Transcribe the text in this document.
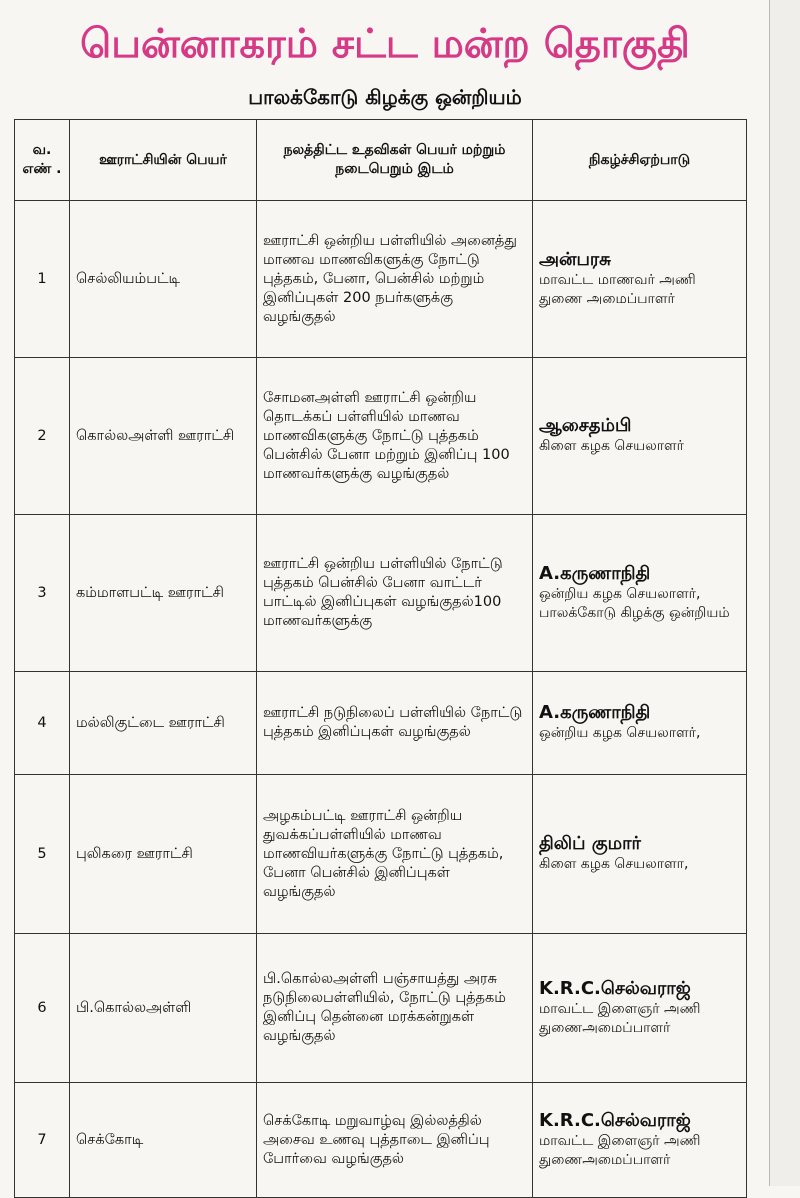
பென்னாகரம் சட்ட மன்ற தொகுதி
பாலக்கோடு கிழக்கு ஒன்றியம்
வ. எண் .	ஊராட்சியின் பெயர்	நலத்திட்ட உதவிகள் பெயர் மற்றும் நடைபெறும் இடம்	நிகழ்ச்சிஏற்பாடு
1	செல்லியம்பட்டி	ஊராட்சி ஒன்றிய பள்ளியில் அனைத்து மாணவ மாணவிகளுக்கு நோட்டு புத்தகம், பேனா, பென்சில் மற்றும் இனிப்புகள் 200 நபர்களுக்கு வழங்குதல்	அன்பரசு
மாவட்ட மாணவர் அணி துணை அமைப்பாளர்

2	கொல்லஅள்ளி ஊராட்சி	சோமனஅள்ளி ஊராட்சி ஒன்றிய தொடக்கப் பள்ளியில் மாணவ மாணவிகளுக்கு நோட்டு புத்தகம் பென்சில் பேனா மற்றும் இனிப்பு 100 மாணவர்களுக்கு வழங்குதல்	ஆசைதம்பி
கிளை கழக செயலாளர்

3	கம்மாளபட்டி ஊராட்சி	ஊராட்சி ஒன்றிய பள்ளியில் நோட்டு புத்தகம் பென்சில் பேனா வாட்டர் பாட்டில் இனிப்புகள் வழங்குதல்100 மாணவர்களுக்கு	A.கருணாநிதி
ஒன்றிய கழக செயலாளர், பாலக்கோடு கிழக்கு ஒன்றியம்

4	மல்லிகுட்டை ஊராட்சி	ஊராட்சி நடுநிலைப் பள்ளியில் நோட்டு புத்தகம் இனிப்புகள் வழங்குதல்	A.கருணாநிதி
ஒன்றிய கழக செயலாளர்,

5	புலிகரை ஊராட்சி	அழகம்பட்டி ஊராட்சி ஒன்றிய துவக்கப்பள்ளியில் மாணவ மாணவியர்களுக்கு நோட்டு புத்தகம், பேனா பென்சில் இனிப்புகள் வழங்குதல்	திலிப் குமார்
கிளை கழக செயலாளா,

6	பி.கொல்லஅள்ளி	பி.கொல்லஅள்ளி பஞ்சாயத்து அரசு நடுநிலைபள்ளியில், நோட்டு புத்தகம் இனிப்பு தென்னை மரக்கன்றுகள் வழங்குதல்	K.R.C.செல்வராஜ்
மாவட்ட இளைஞர் அணி துணைஅமைப்பாளர்

7	செக்கோடி	செக்கோடி மறுவாழ்வு இல்லத்தில் அசைவ உணவு புத்தாடை இனிப்பு போர்வை வழங்குதல்	K.R.C.செல்வராஜ்
மாவட்ட இளைஞர் அணி துணைஅமைப்பாளர்
